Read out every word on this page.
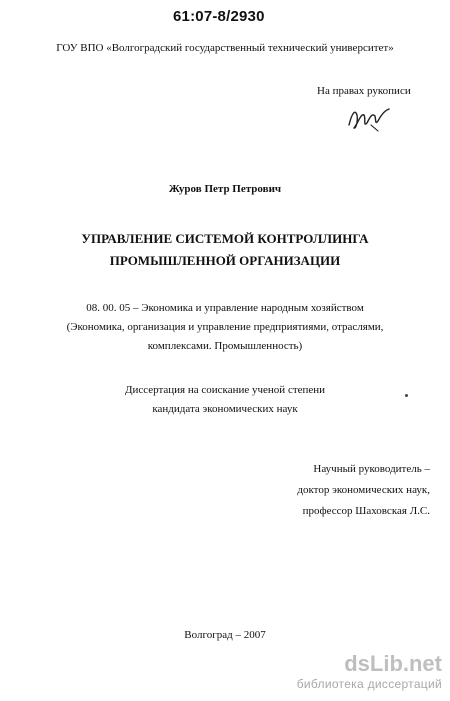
61:07-8/2930
ГОУ ВПО «Волгоградский государственный технический университет»
На правах рукописи
Журов Петр Петрович
УПРАВЛЕНИЕ СИСТЕМОЙ КОНТРОЛЛИНГА
ПРОМЫШЛЕННОЙ ОРГАНИЗАЦИИ
08. 00. 05 – Экономика и управление народным хозяйством
(Экономика, организация и управление предприятиями, отраслями,
комплексами. Промышленность)
Диссертация на соискание ученой степени
кандидата экономических наук
Научный руководитель –
доктор экономических наук,
профессор Шаховская Л.С.
Волгоград – 2007
dsLib.net
библиотека диссертаций
